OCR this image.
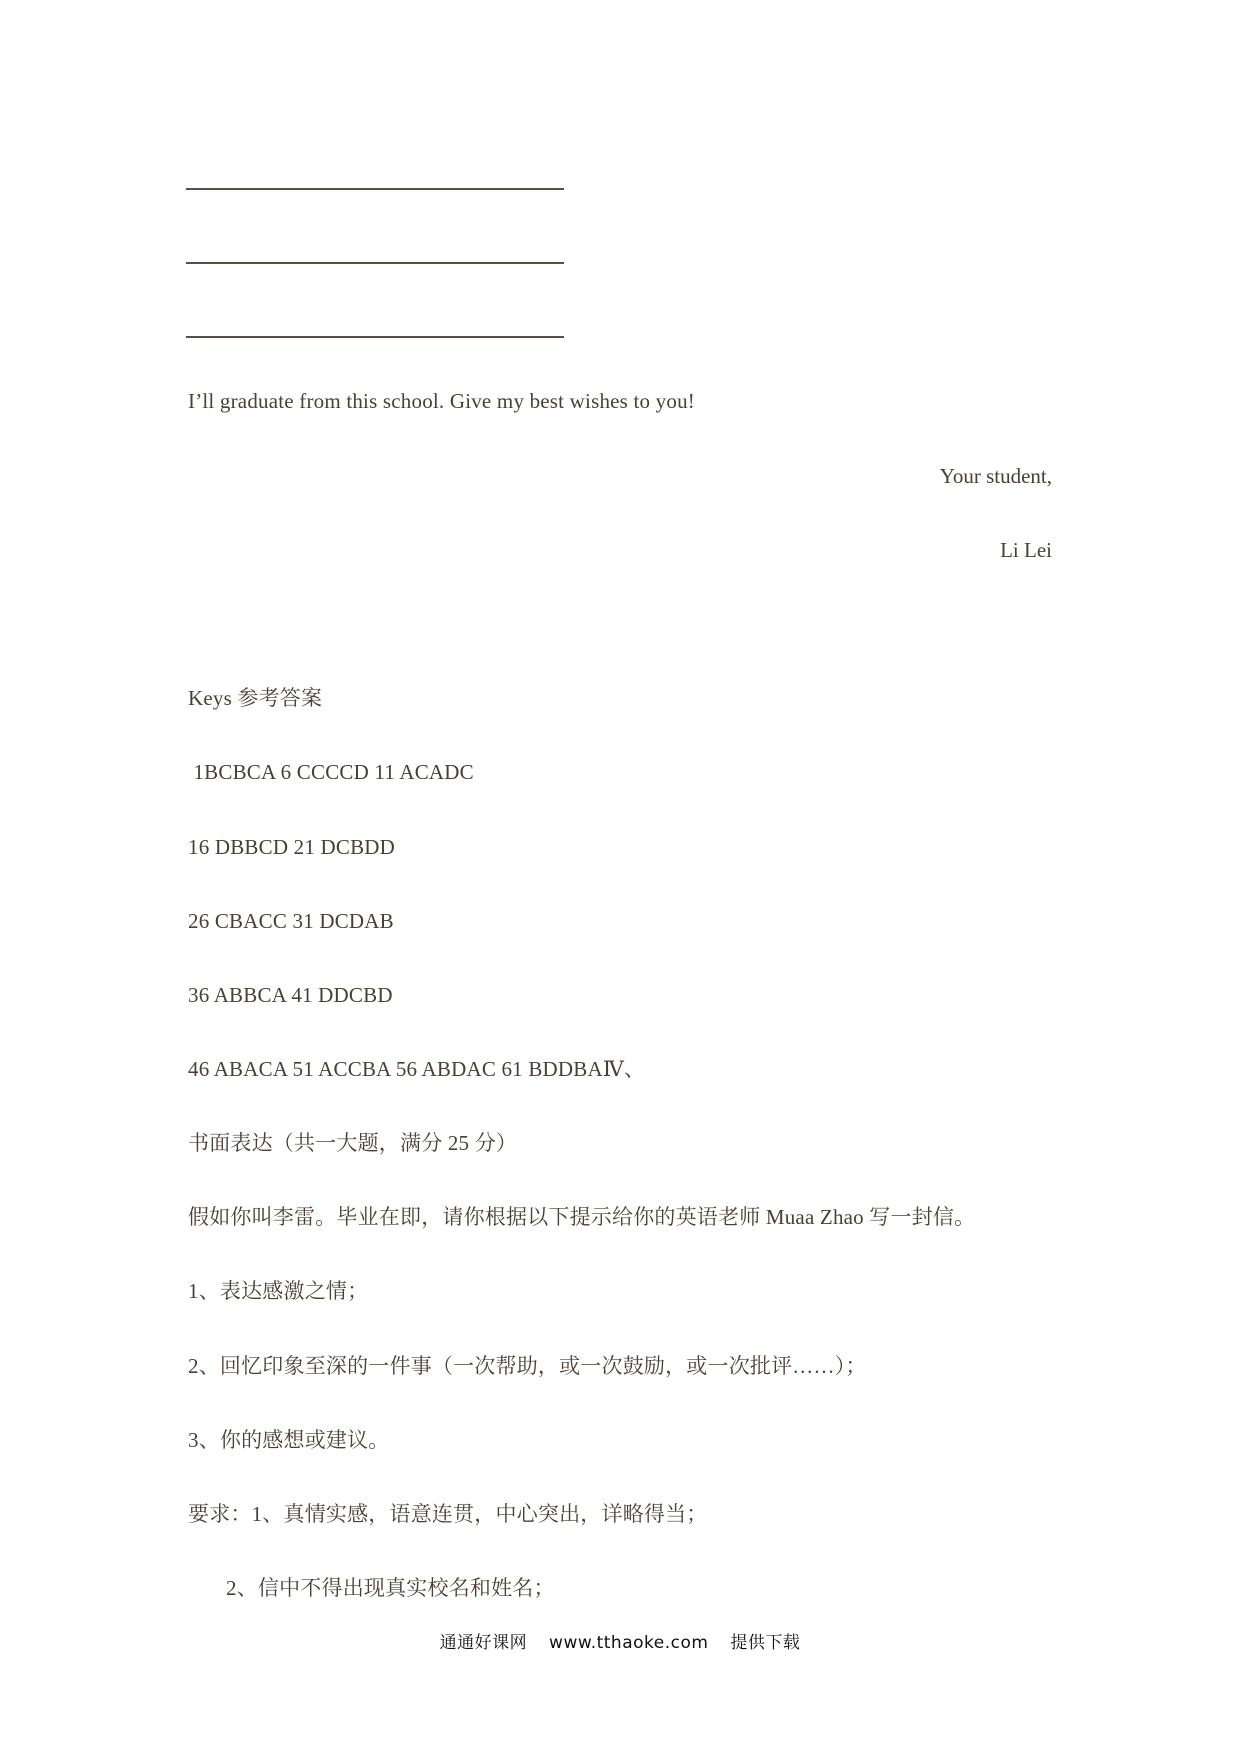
I’ll graduate from this school. Give my best wishes to you!
Your student,
Li Lei
Keys 参考答案
1BCBCA 6 CCCCD 11 ACADC
16 DBBCD 21 DCBDD
26 CBACC 31 DCDAB
36 ABBCA 41 DDCBD
46 ABACA 51 ACCBA 56 ABDAC 61 BDDBAⅣ、
书面表达（共一大题，满分 25 分）
假如你叫李雷。毕业在即，请你根据以下提示给你的英语老师 Muaa Zhao 写一封信。
1、表达感激之情；
2、回忆印象至深的一件事（一次帮助，或一次鼓励，或一次批评……）；
3、你的感想或建议。
要求：1、真情实感，语意连贯，中心突出，详略得当；
2、信中不得出现真实校名和姓名；
通通好课网 www.tthaoke.com 提供下载
